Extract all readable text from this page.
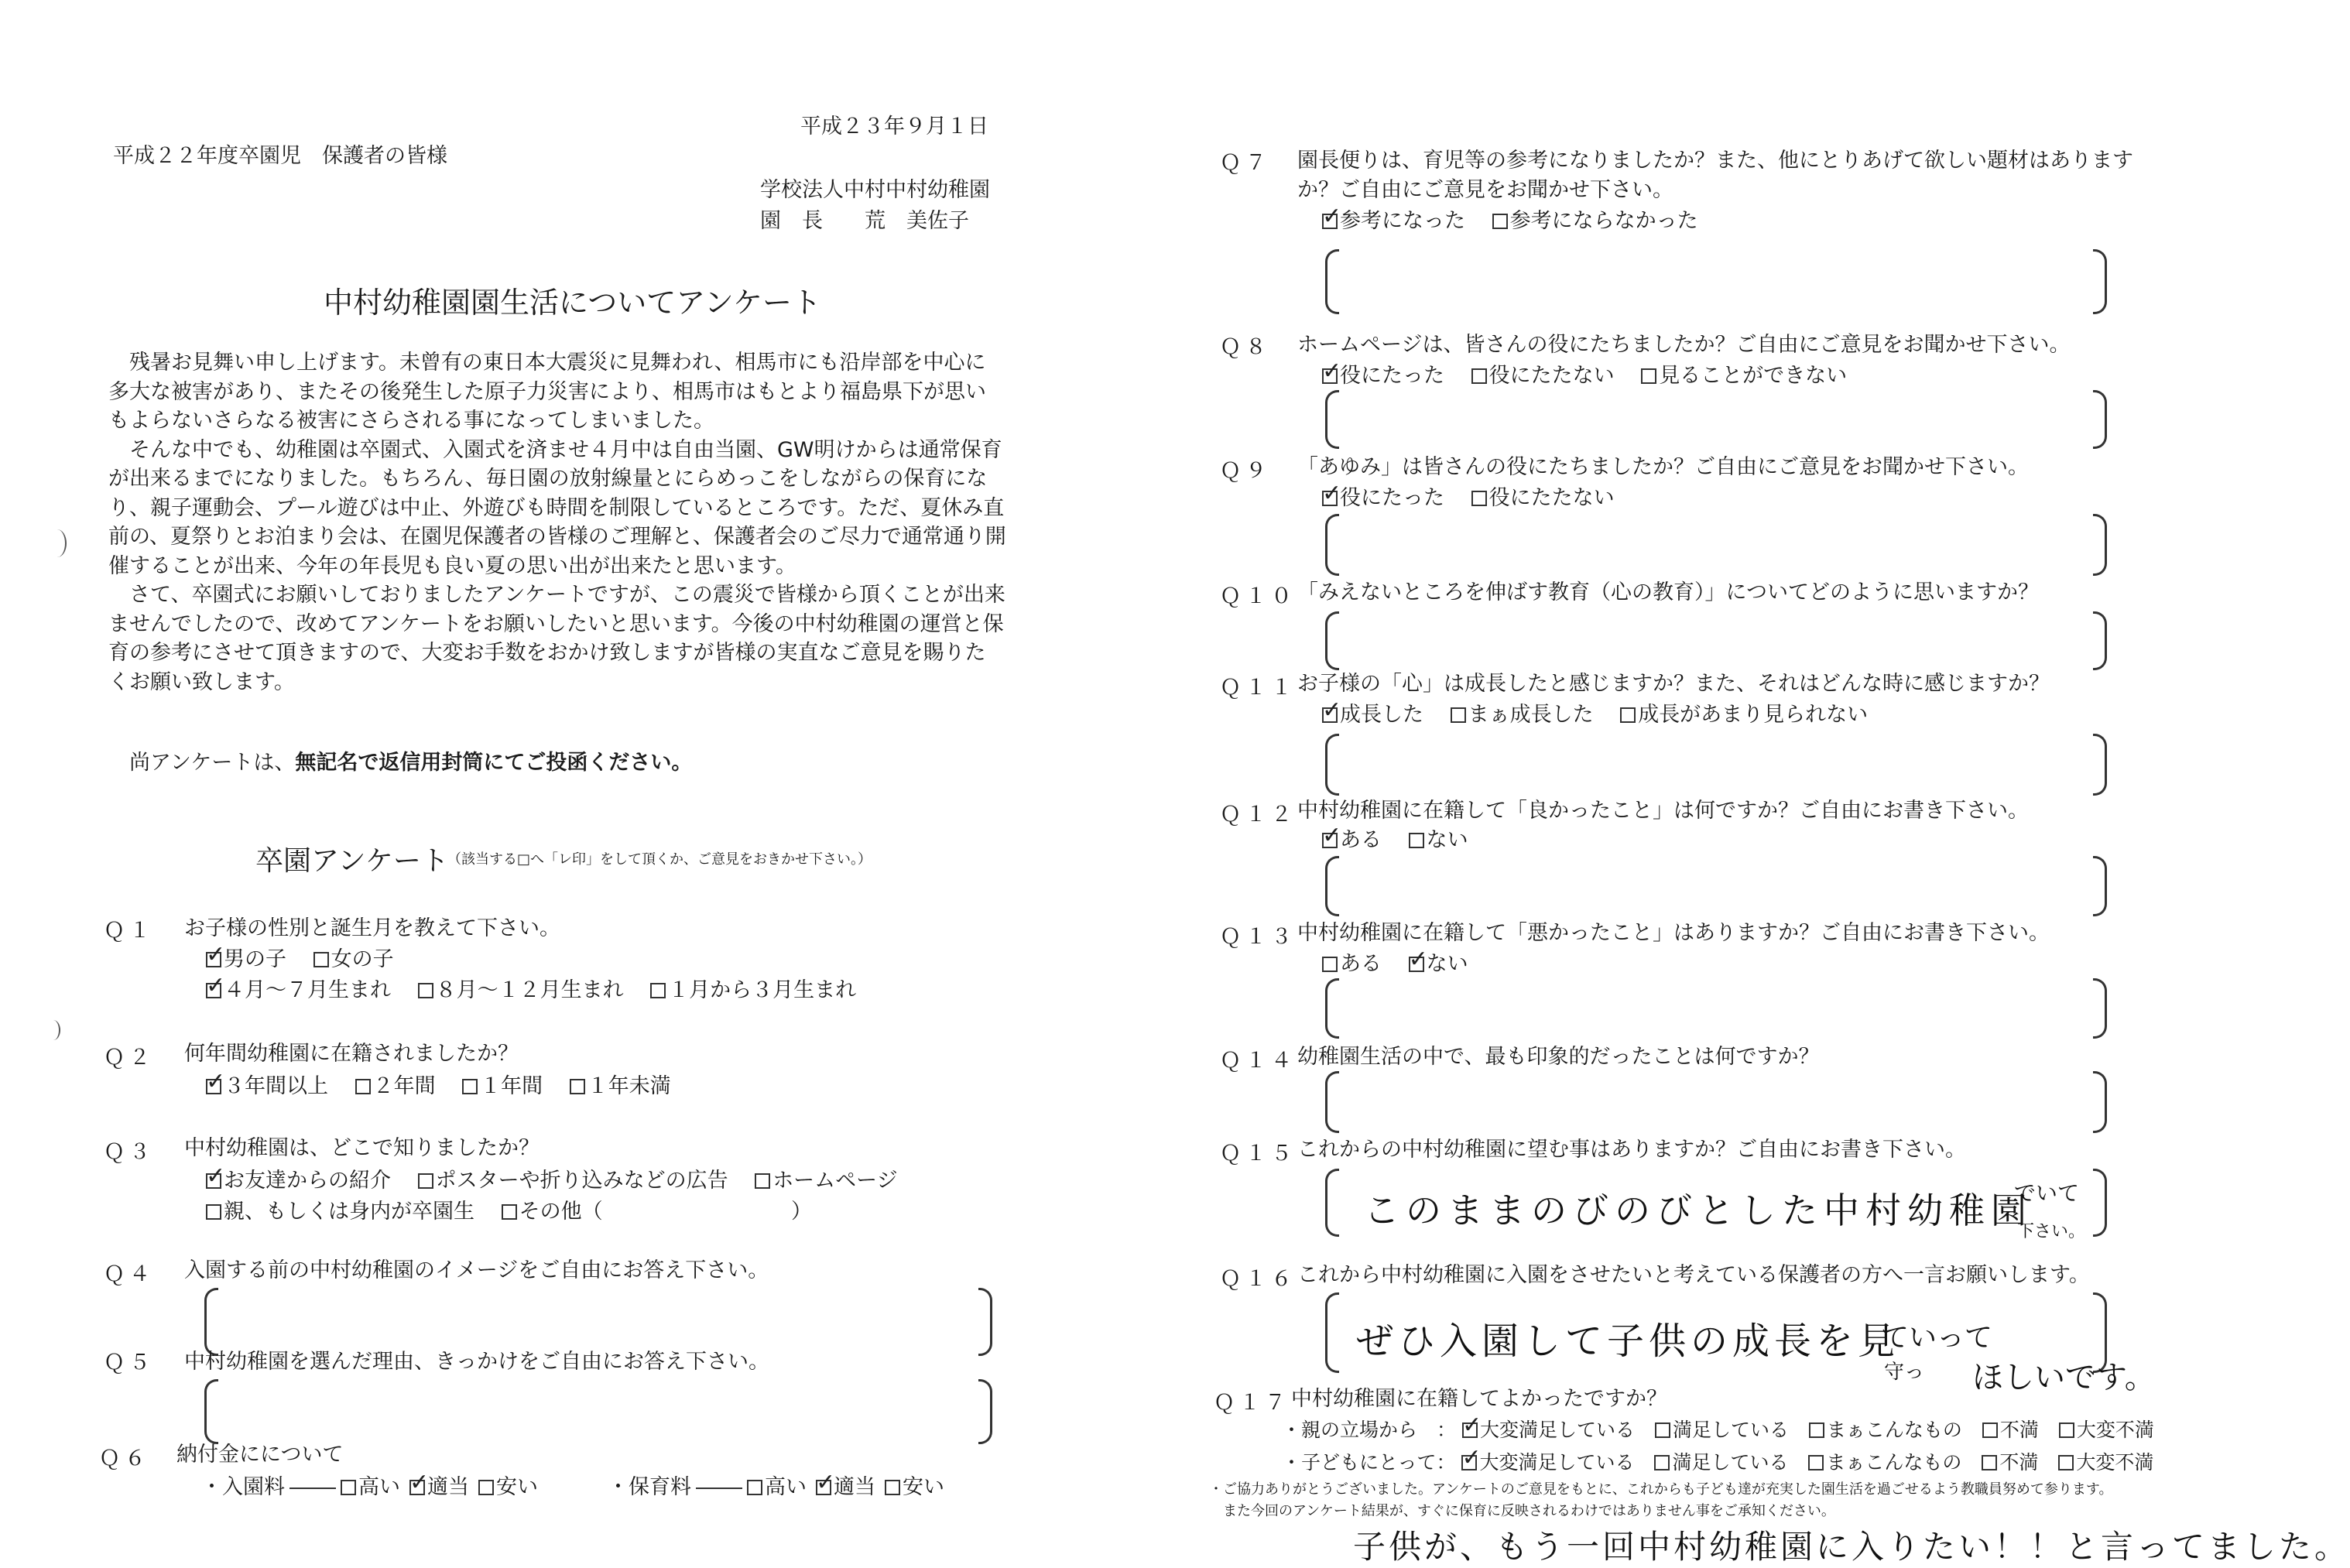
平成２３年９月１日
平成２２年度卒園児　保護者の皆様
学校法人中村中村幼稚園
園　長　　荒　美佐子
中村幼稚園園生活についてアンケート

　残暑お見舞い申し上げます。未曾有の東日本大震災に見舞われ、相馬市にも沿岸部を中心に多大な被害があり、またその後発生した原子力災害により、相馬市はもとより福島県下が思いもよらないさらなる被害にさらされる事になってしまいました。

　そんな中でも、幼稚園は卒園式、入園式を済ませ４月中は自由当園、GW明けからは通常保育が出来るまでになりました。もちろん、毎日園の放射線量とにらめっこをしながらの保育になり、親子運動会、プール遊びは中止、外遊びも時間を制限しているところです。ただ、夏休み直前の、夏祭りとお泊まり会は、在園児保護者の皆様のご理解と、保護者会のご尽力で通常通り開催することが出来、今年の年長児も良い夏の思い出が出来たと思います。

　さて、卒園式にお願いしておりましたアンケートですが、この震災で皆様から頂くことが出来ませんでしたので、改めてアンケートをお願いしたいと思います。今後の中村幼稚園の運営と保育の参考にさせて頂きますので、大変お手数をおかけ致しますが皆様の実直なご意見を賜りたくお願い致します。

　尚アンケートは、無記名で返信用封筒にてご投函ください。
卒園アンケート
（該当する□へ「レ印」をして頂くか、ご意見をおきかせ下さい。）
Ｑ１ お子様の性別と誕生月を教えて下さい。
✓男の子 女の子
✓４月～７月生まれ ８月～１２月生まれ １月から３月生まれ
Ｑ２ 何年間幼稚園に在籍されましたか？
✓３年間以上 ２年間 １年間 １年未満
Ｑ３ 中村幼稚園は、どこで知りましたか？
✓お友達からの紹介 ポスターや折り込みなどの広告 ホームページ
親、もしくは身内が卒園生 その他（	）
Ｑ４ 入園する前の中村幼稚園のイメージをご自由にお答え下さい。
Ｑ５ 中村幼稚園を選んだ理由、きっかけをご自由にお答え下さい。
Ｑ６ 納付金にについて
・入園料	高い ✓ 適当 安い	・保育料	高い ✓ 適当 安い
Ｑ７ 園長便りは、育児等の参考になりましたか？また、他にとりあげて欲しい題材はあります
か？ご自由にご意見をお聞かせ下さい。
✓参考になった 参考にならなかった
Ｑ８ ホームページは、皆さんの役にたちましたか？ご自由にご意見をお聞かせ下さい。
✓役にたった 役にたたない 見ることができない
Ｑ９ 「あゆみ」は皆さんの役にたちましたか？ご自由にご意見をお聞かせ下さい。
✓役にたった 役にたたない
Ｑ１０ 「みえないところを伸ばす教育（心の教育）」についてどのように思いますか？
Ｑ１１ お子様の「心」は成長したと感じますか？また、それはどんな時に感じますか？
✓成長した まぁ成長した 成長があまり見られない
Ｑ１２ 中村幼稚園に在籍して「良かったこと」は何ですか？ご自由にお書き下さい。
✓ある ない
Ｑ１３ 中村幼稚園に在籍して「悪かったこと」はありますか？ご自由にお書き下さい。
ある ✓ ない
Ｑ１４ 幼稚園生活の中で、最も印象的だったことは何ですか？
Ｑ１５ これからの中村幼稚園に望む事はありますか？ご自由にお書き下さい。
このままのびのびとした中村幼稚園
でいて
下さい。
Ｑ１６ これから中村幼稚園に入園をさせたいと考えている保護者の方へ一言お願いします。
ぜひ入園して子供の成長を見
ていって
守っ ほしいです。
Ｑ１７ 中村幼稚園に在籍してよかったですか？
・親の立場から　： ✓ 大変満足している 満足している まぁこんなもの 不満 大変不満
・子どもにとって： ✓ 大変満足している 満足している まぁこんなもの 不満 大変不満
・ご協力ありがとうございました。アンケートのご意見をもとに、これからも子ども達が充実した園生活を過ごせるよう教職員努めて参ります。
また今回のアンケート結果が、すぐに保育に反映されるわけではありません事をご承知ください。
子供が、もう一回中村幼稚園に入りたい！！と言ってました。
